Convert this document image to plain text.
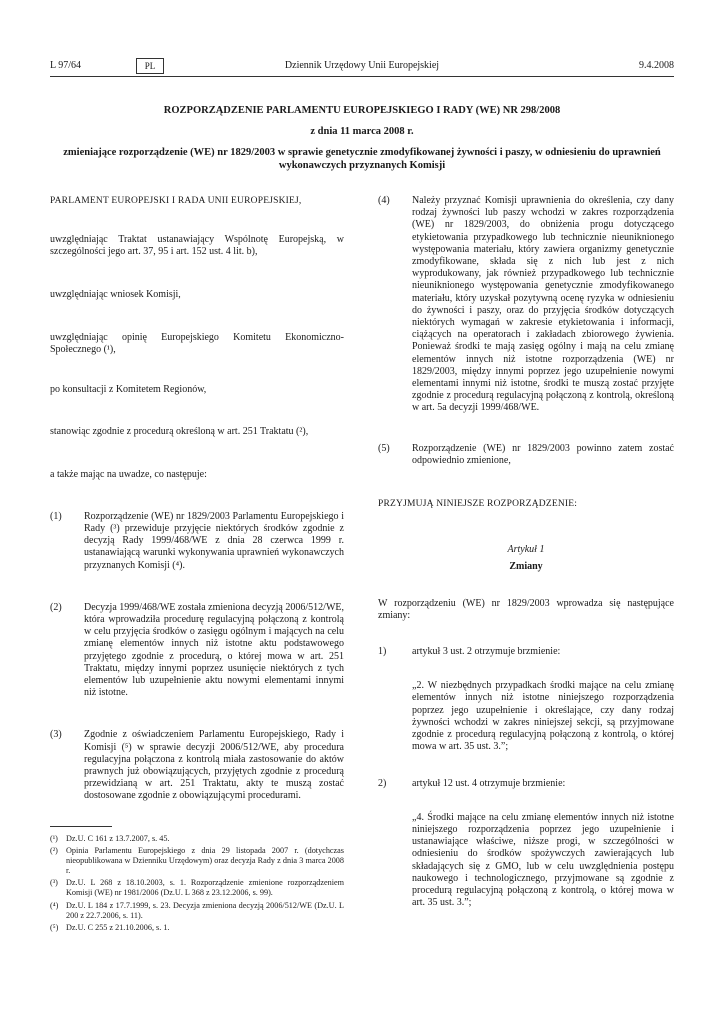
L 97/64	PL	Dziennik Urzędowy Unii Europejskiej	9.4.2008

ROZPORZĄDZENIE PARLAMENTU EUROPEJSKIEGO I RADY (WE) NR 298/2008

z dnia 11 marca 2008 r.

zmieniające rozporządzenie (WE) nr 1829/2003 w sprawie genetycznie zmodyfikowanej żywności i paszy, w odniesieniu do uprawnień wykonawczych przyznanych Komisji

PARLAMENT EUROPEJSKI I RADA UNII EUROPEJSKIEJ,

uwzględniając Traktat ustanawiający Wspólnotę Europejską, w szczególności jego art. 37, 95 i art. 152 ust. 4 lit. b),

uwzględniając wniosek Komisji,

uwzględniając opinię Europejskiego Komitetu Ekonomiczno-Społecznego (¹),

po konsultacji z Komitetem Regionów,

stanowiąc zgodnie z procedurą określoną w art. 251 Traktatu (²),

a także mając na uwadze, co następuje:

(1)	Rozporządzenie (WE) nr 1829/2003 Parlamentu Europejskiego i Rady (³) przewiduje przyjęcie niektórych środków zgodnie z decyzją Rady 1999/468/WE z dnia 28 czerwca 1999 r. ustanawiającą warunki wykonywania uprawnień wykonawczych przyznanych Komisji (⁴).
(2)	Decyzja 1999/468/WE została zmieniona decyzją 2006/512/WE, która wprowadziła procedurę regulacyjną połączoną z kontrolą w celu przyjęcia środków o zasięgu ogólnym i mających na celu zmianę elementów innych niż istotne aktu podstawowego przyjętego zgodnie z procedurą, o której mowa w art. 251 Traktatu, między innymi poprzez usunięcie niektórych z tych elementów lub uzupełnienie aktu nowymi elementami innymi niż istotne.
(3)	Zgodnie z oświadczeniem Parlamentu Europejskiego, Rady i Komisji (⁵) w sprawie decyzji 2006/512/WE, aby procedura regulacyjna połączona z kontrolą miała zastosowanie do aktów prawnych już obowiązujących, przyjętych zgodnie z procedurą przewidzianą w art. 251 Traktatu, akty te muszą zostać dostosowane zgodnie z obowiązującymi procedurami.
(¹) Dz.U. C 161 z 13.7.2007, s. 45.
(²) Opinia Parlamentu Europejskiego z dnia 29 listopada 2007 r. (dotychczas nieopublikowana w Dzienniku Urzędowym) oraz decyzja Rady z dnia 3 marca 2008 r.
(³) Dz.U. L 268 z 18.10.2003, s. 1. Rozporządzenie zmienione rozporządzeniem Komisji (WE) nr 1981/2006 (Dz.U. L 368 z 23.12.2006, s. 99).
(⁴) Dz.U. L 184 z 17.7.1999, s. 23. Decyzja zmieniona decyzją 2006/512/WE (Dz.U. L 200 z 22.7.2006, s. 11).
(⁵) Dz.U. C 255 z 21.10.2006, s. 1.
(4)	Należy przyznać Komisji uprawnienia do określenia, czy dany rodzaj żywności lub paszy wchodzi w zakres rozporządzenia (WE) nr 1829/2003, do obniżenia progu dotyczącego etykietowania przypadkowego lub technicznie nieuniknionego występowania materiału, który zawiera organizmy genetycznie zmodyfikowane, składa się z nich lub jest z nich wyprodukowany, jak również przypadkowego lub technicznie nieuniknionego występowania genetycznie zmodyfikowanego materiału, który uzyskał pozytywną ocenę ryzyka w odniesieniu do żywności i paszy, oraz do przyjęcia środków dotyczących niektórych wymagań w zakresie etykietowania i informacji, ciążących na operatorach i zakładach zbiorowego żywienia. Ponieważ środki te mają zasięg ogólny i mają na celu zmianę elementów innych niż istotne rozporządzenia (WE) nr 1829/2003, między innymi poprzez jego uzupełnienie nowymi elementami innymi niż istotne, środki te muszą zostać przyjęte zgodnie z procedurą regulacyjną połączoną z kontrolą, określoną w art. 5a decyzji 1999/468/WE.
(5)	Rozporządzenie (WE) nr 1829/2003 powinno zatem zostać odpowiednio zmienione,

PRZYJMUJĄ NINIEJSZE ROZPORZĄDZENIE:

Artykuł 1

Zmiany

W rozporządzeniu (WE) nr 1829/2003 wprowadza się następujące zmiany:

1)	artykuł 3 ust. 2 otrzymuje brzmienie:

„2. W niezbędnych przypadkach środki mające na celu zmianę elementów innych niż istotne niniejszego rozporządzenia poprzez jego uzupełnienie i określające, czy dany rodzaj żywności wchodzi w zakres niniejszej sekcji, są przyjmowane zgodnie z procedurą regulacyjną połączoną z kontrolą, o której mowa w art. 35 ust. 3.”;

2)	artykuł 12 ust. 4 otrzymuje brzmienie:

„4. Środki mające na celu zmianę elementów innych niż istotne niniejszego rozporządzenia poprzez jego uzupełnienie i ustanawiające właściwe, niższe progi, w szczególności w odniesieniu do środków spożywczych zawierających lub składających się z GMO, lub w celu uwzględnienia postępu naukowego i technologicznego, przyjmowane są zgodnie z procedurą regulacyjną połączoną z kontrolą, o której mowa w art. 35 ust. 3.”;
